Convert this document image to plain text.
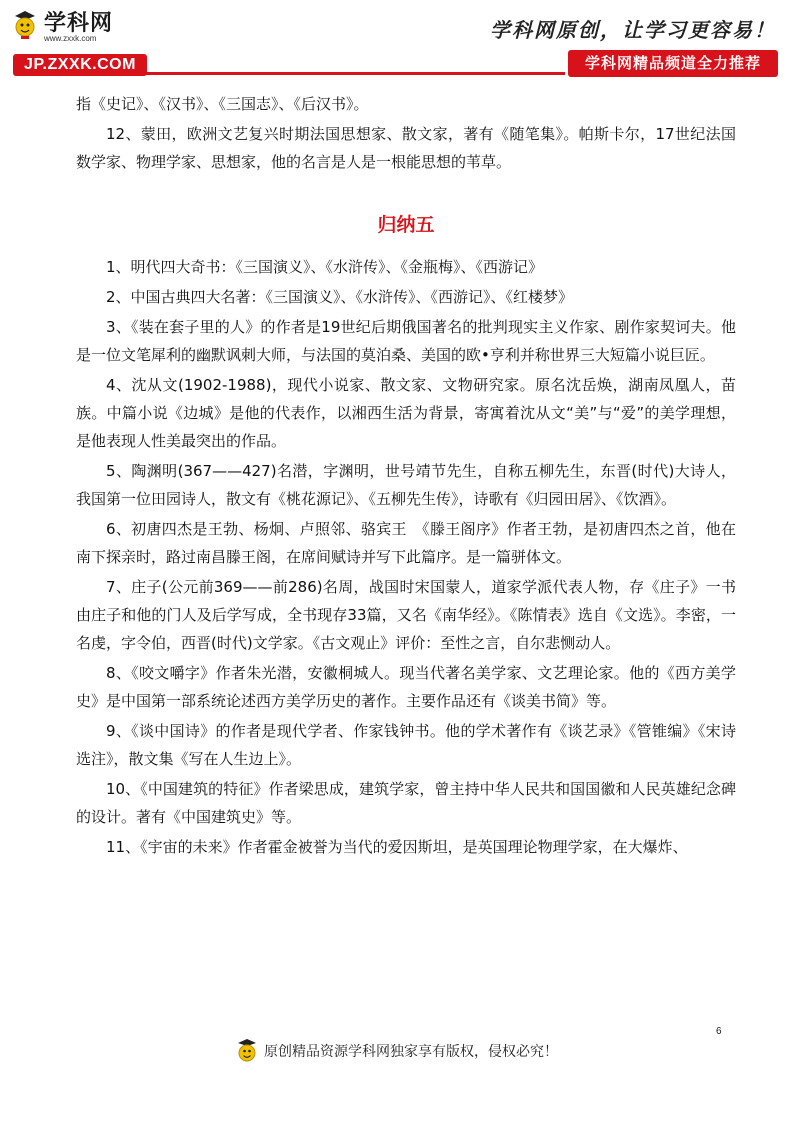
学科网
www.zxxk.com
JP.ZXXK.COM
学科网原创，让学习更容易！
学科网精品频道全力推荐

指《史记》、《汉书》、《三国志》、《后汉书》。

12、蒙田，欧洲文艺复兴时期法国思想家、散文家，著有《随笔集》。帕斯卡尔，17世纪法国数学家、物理学家、思想家，他的名言是人是一根能思想的苇草。

归纳五

1、明代四大奇书：《三国演义》、《水浒传》、《金瓶梅》、《西游记》

2、中国古典四大名著：《三国演义》、《水浒传》、《西游记》、《红楼梦》

3、《装在套子里的人》的作者是19世纪后期俄国著名的批判现实主义作家、剧作家契诃夫。他是一位文笔犀利的幽默讽刺大师，与法国的莫泊桑、美国的欧•亨利并称世界三大短篇小说巨匠。

4、沈从文(1902-1988)，现代小说家、散文家、文物研究家。原名沈岳焕，湖南凤凰人，苗族。中篇小说《边城》是他的代表作，以湘西生活为背景，寄寓着沈从文“美”与“爱”的美学理想，是他表现人性美最突出的作品。

5、陶渊明(367——427)名潜，字渊明，世号靖节先生，自称五柳先生，东晋(时代)大诗人，我国第一位田园诗人，散文有《桃花源记》、《五柳先生传》，诗歌有《归园田居》、《饮酒》。

6、初唐四杰是王勃、杨炯、卢照邻、骆宾王　《滕王阁序》作者王勃，是初唐四杰之首，他在南下探亲时，路过南昌滕王阁，在席间赋诗并写下此篇序。是一篇骈体文。

7、庄子(公元前369——前286)名周，战国时宋国蒙人，道家学派代表人物，存《庄子》一书由庄子和他的门人及后学写成，全书现存33篇，又名《南华经》。《陈情表》选自《文选》。李密，一名虔，字令伯，西晋(时代)文学家。《古文观止》评价：至性之言，自尔悲恻动人。

8、《咬文嚼字》作者朱光潜，安徽桐城人。现当代著名美学家、文艺理论家。他的《西方美学史》是中国第一部系统论述西方美学历史的著作。主要作品还有《谈美书简》等。

9、《谈中国诗》的作者是现代学者、作家钱钟书。他的学术著作有《谈艺录》《管锥编》《宋诗选注》，散文集《写在人生边上》。

10、《中国建筑的特征》作者梁思成，建筑学家，曾主持中华人民共和国国徽和人民英雄纪念碑的设计。著有《中国建筑史》等。

11、《宇宙的未来》作者霍金被誉为当代的爱因斯坦，是英国理论物理学家，在大爆炸、

6
原创精品资源学科网独家享有版权，侵权必究！
